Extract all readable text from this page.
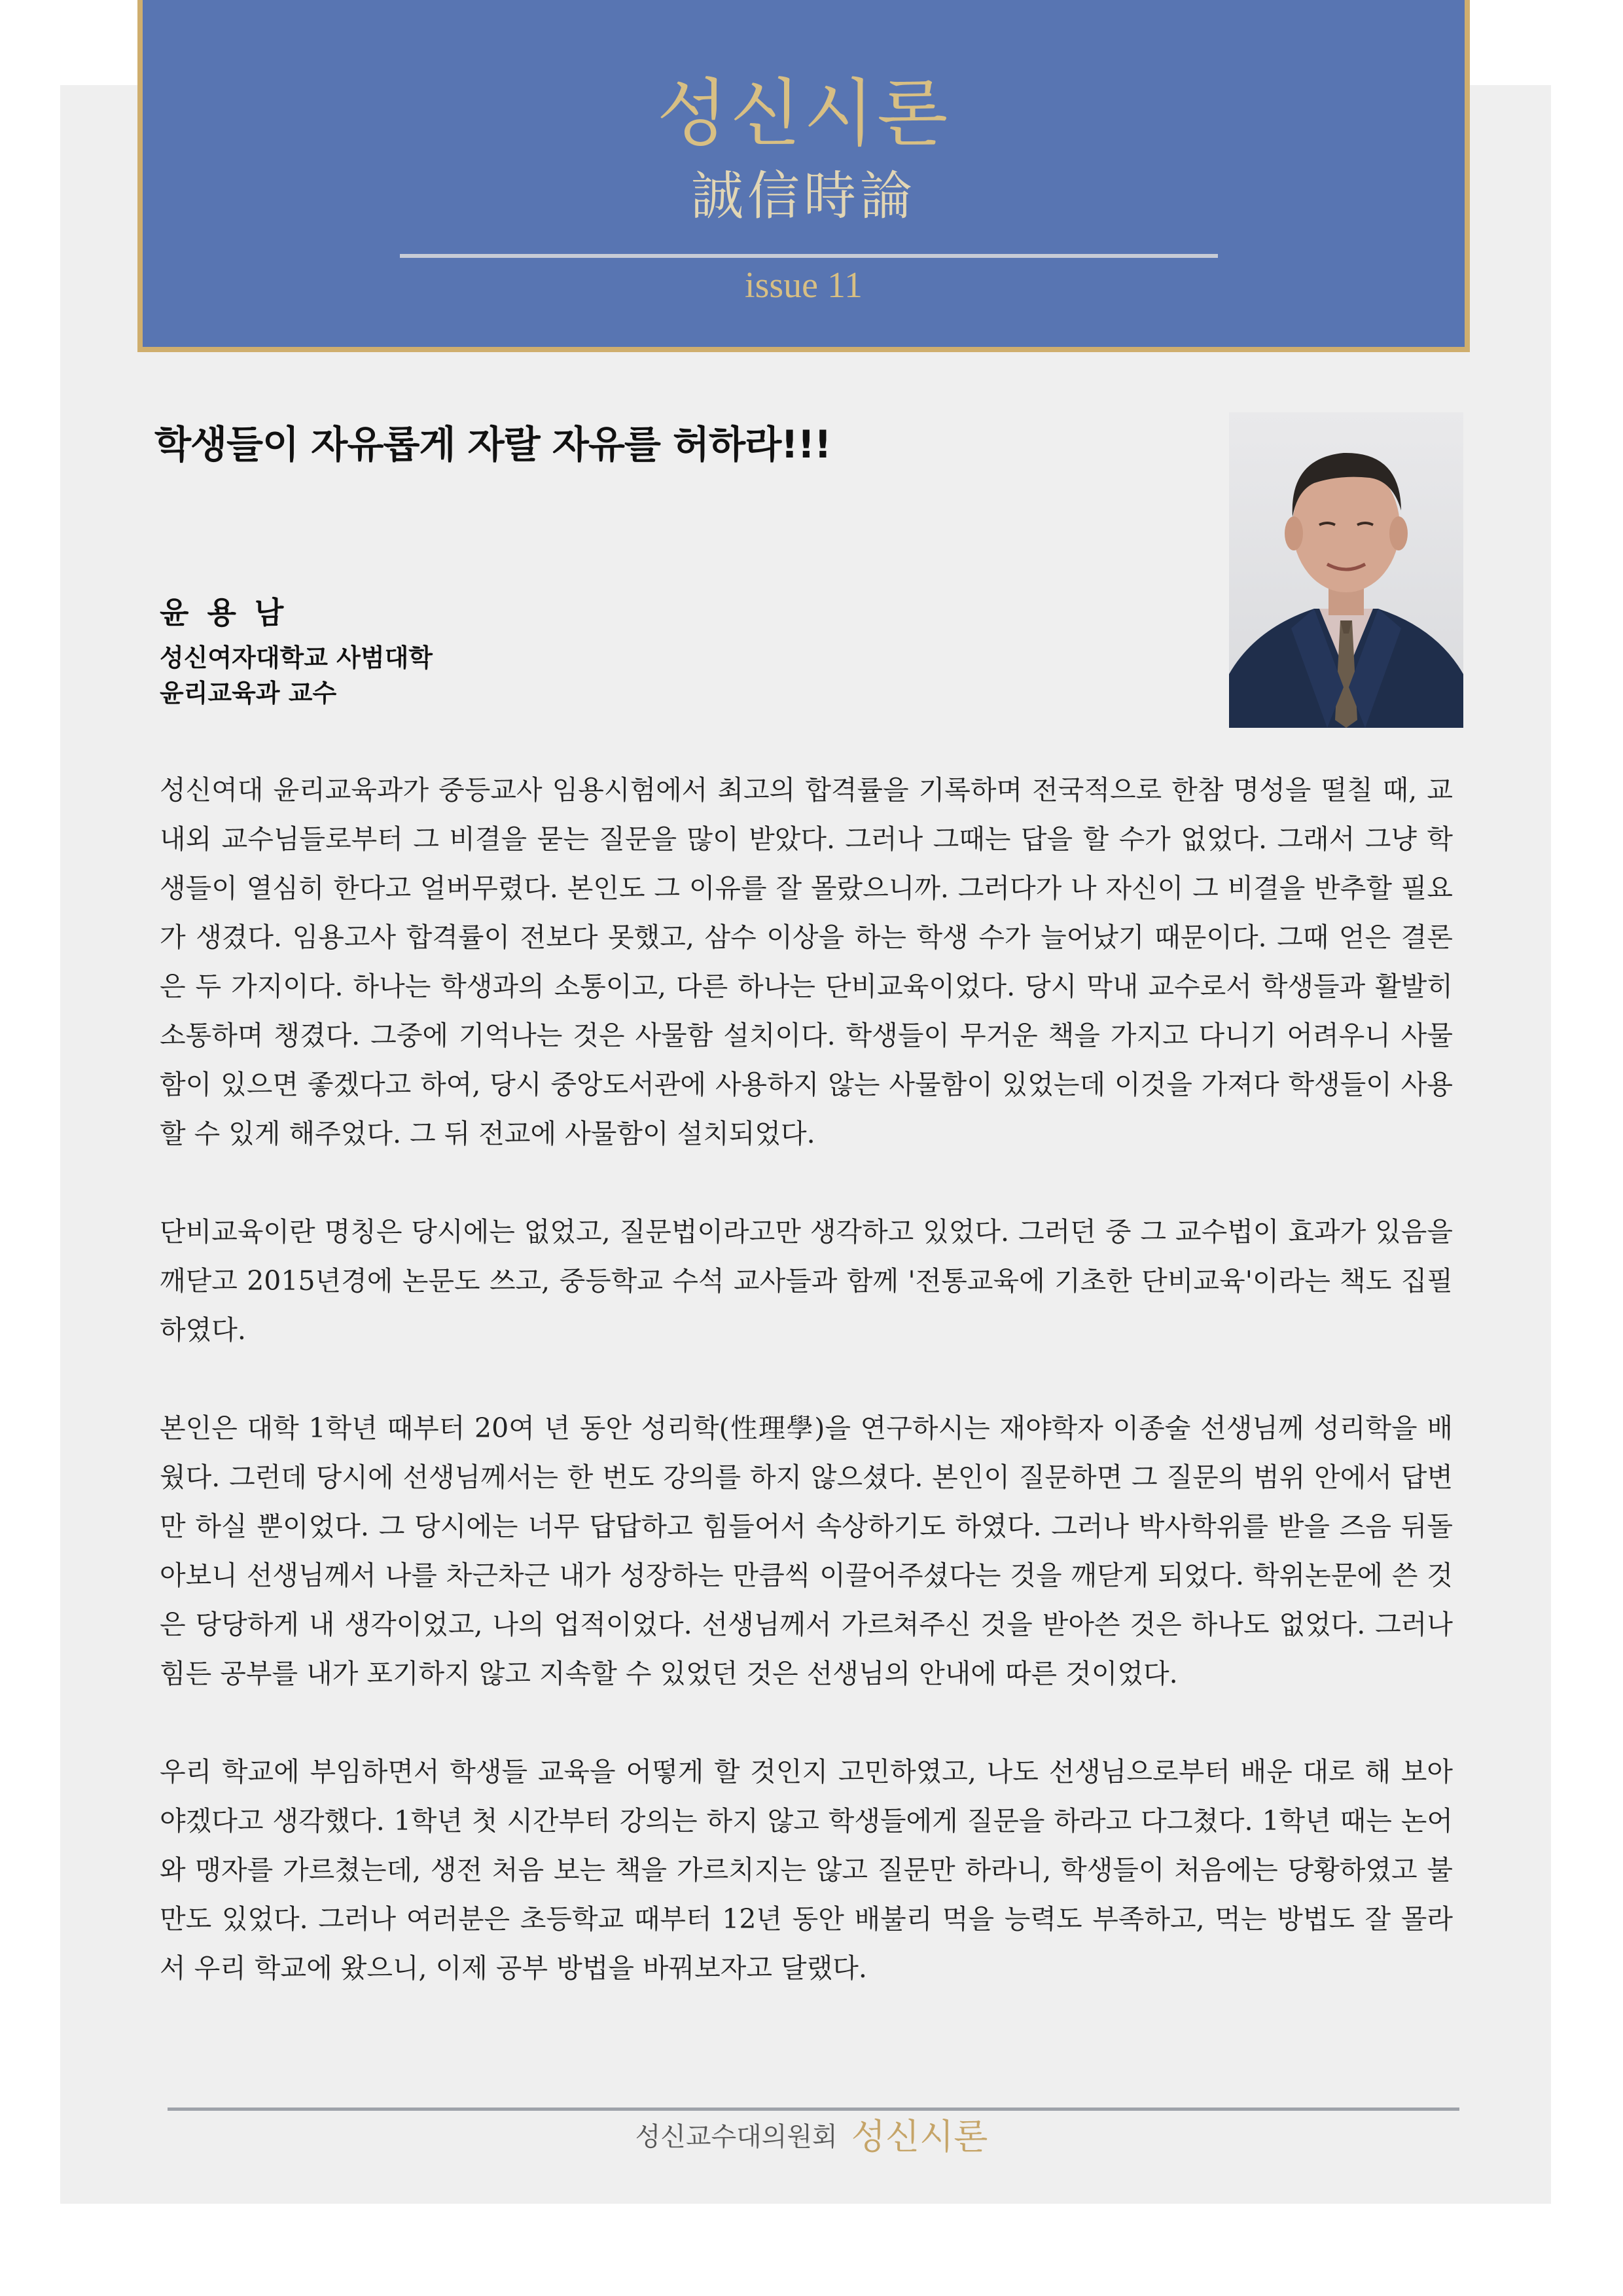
성신시론
誠信時論
issue 11
학생들이 자유롭게 자랄 자유를 허하라!!!
윤 용 남
성신여자대학교 사범대학
윤리교육과 교수

성신여대 윤리교육과가 중등교사 임용시험에서 최고의 합격률을 기록하며 전국적으로 한참 명성을 떨칠 때, 교내외 교수님들로부터 그 비결을 묻는 질문을 많이 받았다. 그러나 그때는 답을 할 수가 없었다. 그래서 그냥 학생들이 열심히 한다고 얼버무렸다. 본인도 그 이유를 잘 몰랐으니까. 그러다가 나 자신이 그 비결을 반추할 필요가 생겼다. 임용고사 합격률이 전보다 못했고, 삼수 이상을 하는 학생 수가 늘어났기 때문이다. 그때 얻은 결론은 두 가지이다. 하나는 학생과의 소통이고, 다른 하나는 단비교육이었다. 당시 막내 교수로서 학생들과 활발히 소통하며 챙겼다. 그중에 기억나는 것은 사물함 설치이다. 학생들이 무거운 책을 가지고 다니기 어려우니 사물함이 있으면 좋겠다고 하여, 당시 중앙도서관에 사용하지 않는 사물함이 있었는데 이것을 가져다 학생들이 사용할 수 있게 해주었다. 그 뒤 전교에 사물함이 설치되었다.

단비교육이란 명칭은 당시에는 없었고, 질문법이라고만 생각하고 있었다. 그러던 중 그 교수법이 효과가 있음을 깨닫고 2015년경에 논문도 쓰고, 중등학교 수석 교사들과 함께 '전통교육에 기초한 단비교육'이라는 책도 집필하였다.

본인은 대학 1학년 때부터 20여 년 동안 성리학(性理學)을 연구하시는 재야학자 이종술 선생님께 성리학을 배웠다. 그런데 당시에 선생님께서는 한 번도 강의를 하지 않으셨다. 본인이 질문하면 그 질문의 범위 안에서 답변만 하실 뿐이었다. 그 당시에는 너무 답답하고 힘들어서 속상하기도 하였다. 그러나 박사학위를 받을 즈음 뒤돌아보니 선생님께서 나를 차근차근 내가 성장하는 만큼씩 이끌어주셨다는 것을 깨닫게 되었다. 학위논문에 쓴 것은 당당하게 내 생각이었고, 나의 업적이었다. 선생님께서 가르쳐주신 것을 받아쓴 것은 하나도 없었다. 그러나 힘든 공부를 내가 포기하지 않고 지속할 수 있었던 것은 선생님의 안내에 따른 것이었다.

우리 학교에 부임하면서 학생들 교육을 어떻게 할 것인지 고민하였고, 나도 선생님으로부터 배운 대로 해 보아야겠다고 생각했다. 1학년 첫 시간부터 강의는 하지 않고 학생들에게 질문을 하라고 다그쳤다. 1학년 때는 논어와 맹자를 가르쳤는데, 생전 처음 보는 책을 가르치지는 않고 질문만 하라니, 학생들이 처음에는 당황하였고 불만도 있었다. 그러나 여러분은 초등학교 때부터 12년 동안 배불리 먹을 능력도 부족하고, 먹는 방법도 잘 몰라서 우리 학교에 왔으니, 이제 공부 방법을 바꿔보자고 달랬다.

성신교수대의원회 성신시론
